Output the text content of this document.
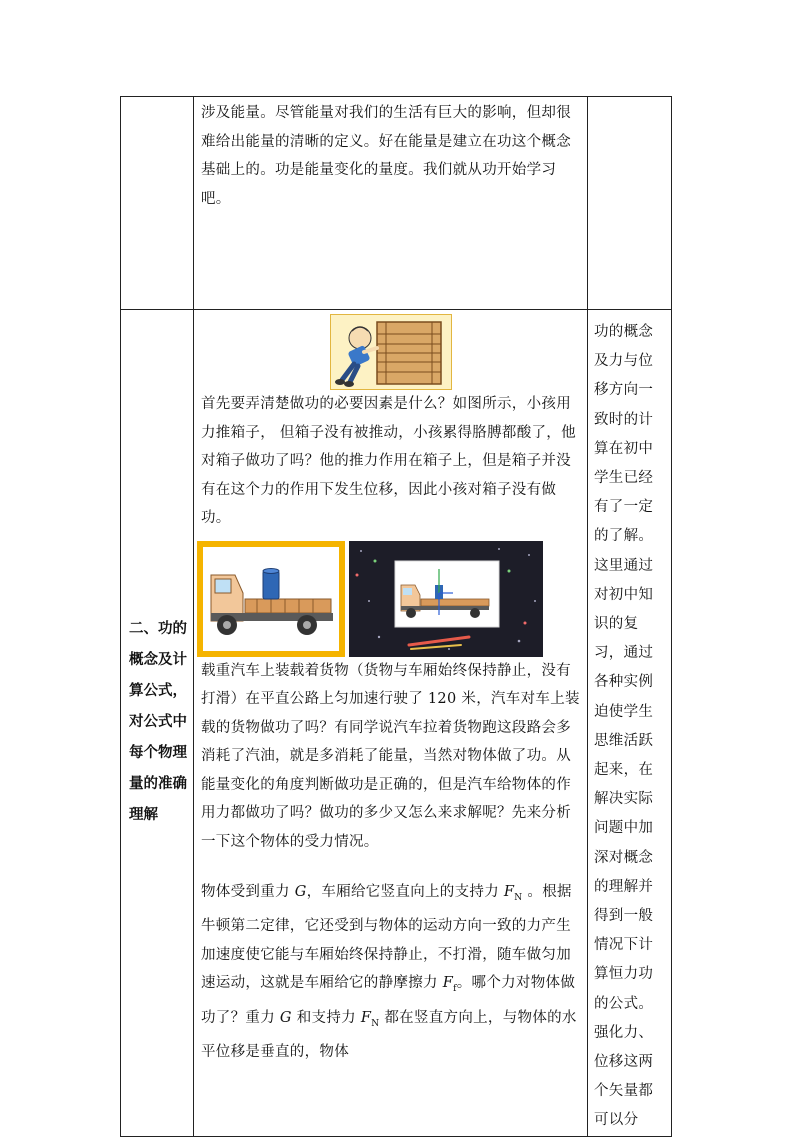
	涉及能量。尽管能量对我们的生活有巨大的影响，但却很难给出能量的清晰的定义。好在能量是建立在功这个概念基础上的。功是能量变化的量度。我们就从功开始学习吧。	

二、功的概念及计算公式，对公式中每个物理量的准确理解	首先要弄清楚做功的必要因素是什么？如图所示，小孩用力推箱子， 但箱子没有被推动，小孩累得胳膊都酸了，他对箱子做功了吗？他的推力作用在箱子上，但是箱子并没有在这个力的作用下发生位移，因此小孩对箱子没有做功。

载重汽车上装载着货物（货物与车厢始终保持静止，没有打滑）在平直公路上匀加速行驶了 120 米，汽车对车上装载的货物做功了吗？有同学说汽车拉着货物跑这段路会多消耗了汽油，就是多消耗了能量，当然对物体做了功。从能量变化的角度判断做功是正确的，但是汽车给物体的作用力都做功了吗？做功的多少又怎么来求解呢？先来分析一下这个物体的受力情况。

物体受到重力 G，车厢给它竖直向上的支持力 $F_N$ 。根据牛顿第二定律，它还受到与物体的运动方向一致的力产生加速度使它能与车厢始终保持静止，不打滑，随车做匀加速运动，这就是车厢给它的静摩擦力 $F_f$。哪个力对物体做功了？重力 G 和支持力 $F_N$ 都在竖直方向上，与物体的水平位移是垂直的，物体	功的概念及力与位移方向一致时的计算在初中学生已经有了一定的了解。这里通过对初中知识的复习，通过各种实例迫使学生思维活跃起来，在解决实际问题中加深对概念的理解并得到一般情况下计算恒力功的公式。强化力、位移这两个矢量都可以分
